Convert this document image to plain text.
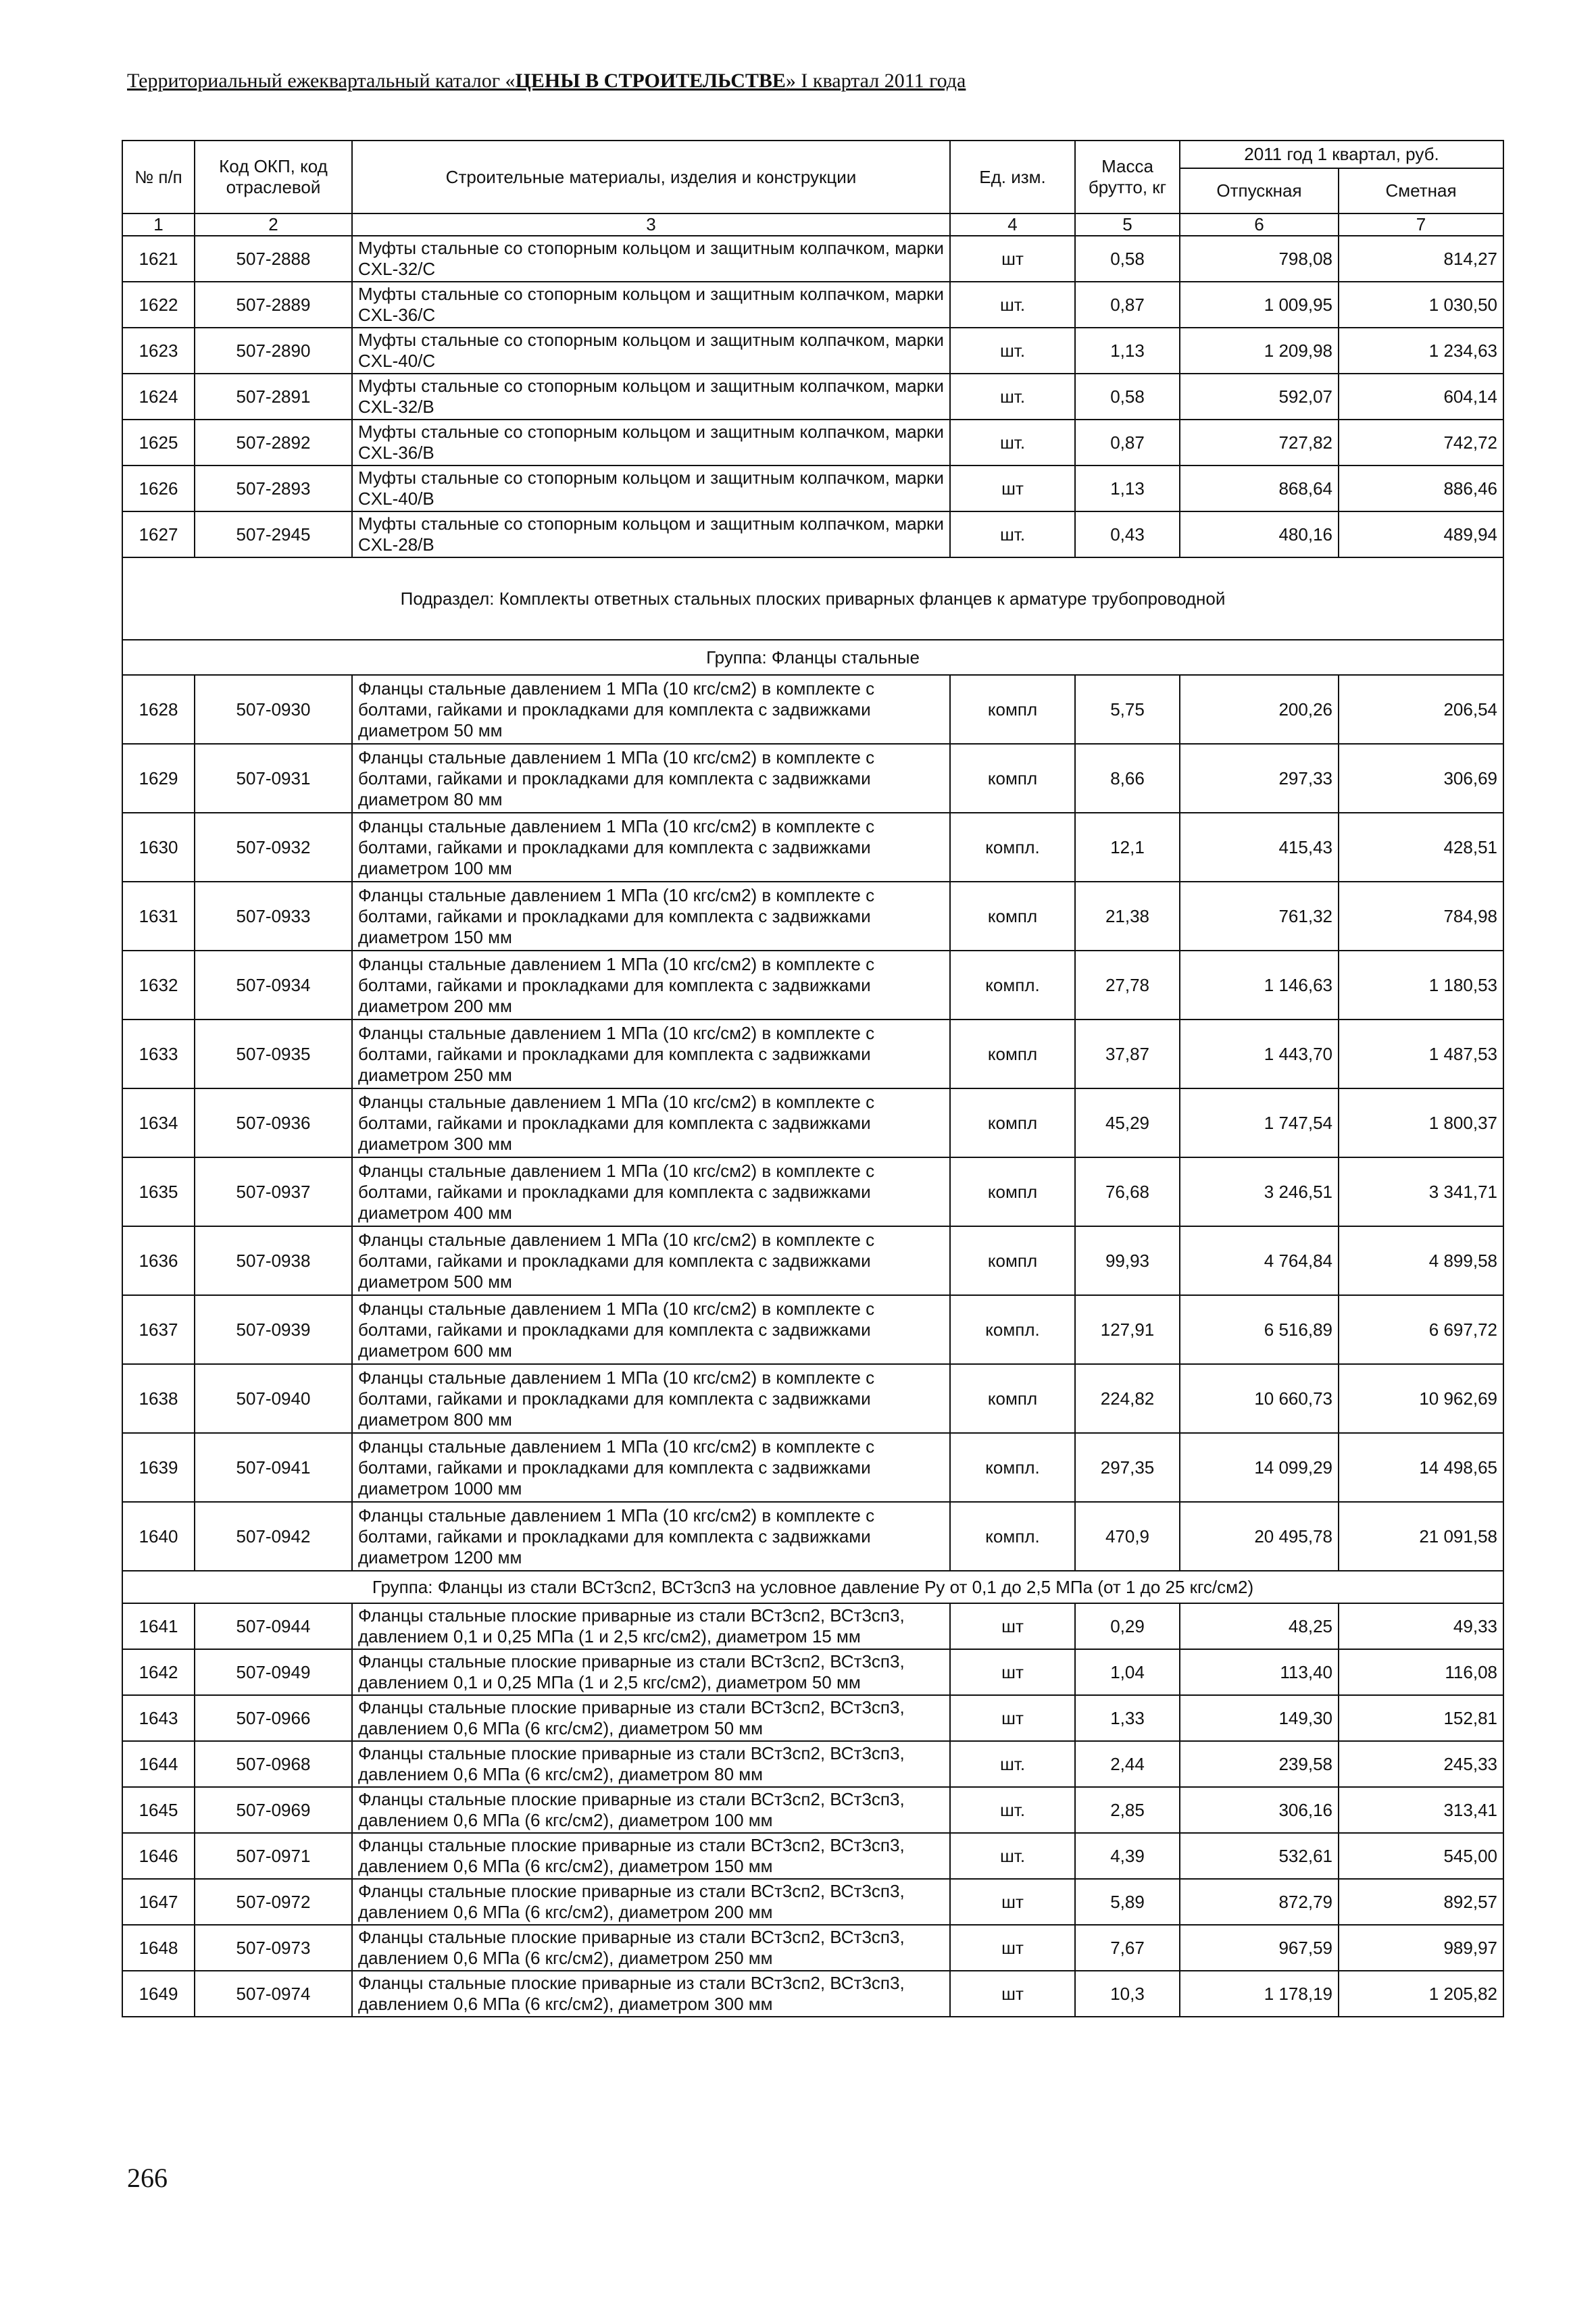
Территориальный ежеквартальный каталог «ЦЕНЫ В СТРОИТЕЛЬСТВЕ» I квартал 2011 года
№ п/п	Код ОКП, код отраслевой	Строительные материалы, изделия и конструкции	Ед. изм.	Масса брутто, кг	2011 год 1 квартал, руб.	
					Отпускная	Сметная
1	2	3	4	5	6	7
1621	507-2888	Муфты стальные со стопорным кольцом и защитным колпачком, марки CXL-32/C	шт	0,58	798,08	814,27
1622	507-2889	Муфты стальные со стопорным кольцом и защитным колпачком, марки CXL-36/C	шт.	0,87	1 009,95	1 030,50
1623	507-2890	Муфты стальные со стопорным кольцом и защитным колпачком, марки CXL-40/C	шт.	1,13	1 209,98	1 234,63
1624	507-2891	Муфты стальные со стопорным кольцом и защитным колпачком, марки CXL-32/B	шт.	0,58	592,07	604,14
1625	507-2892	Муфты стальные со стопорным кольцом и защитным колпачком, марки CXL-36/B	шт.	0,87	727,82	742,72
1626	507-2893	Муфты стальные со стопорным кольцом и защитным колпачком, марки CXL-40/B	шт	1,13	868,64	886,46
1627	507-2945	Муфты стальные со стопорным кольцом и защитным колпачком, марки CXL-28/B	шт.	0,43	480,16	489,94
Подраздел: Комплекты ответных стальных плоских приварных фланцев к арматуре трубопроводной						
Группа: Фланцы стальные						
1628	507-0930	Фланцы стальные давлением 1 МПа (10 кгс/см2) в комплекте с болтами, гайками и прокладками для комплекта с задвижками диаметром 50 мм	компл	5,75	200,26	206,54
1629	507-0931	Фланцы стальные давлением 1 МПа (10 кгс/см2) в комплекте с болтами, гайками и прокладками для комплекта с задвижками диаметром 80 мм	компл	8,66	297,33	306,69
1630	507-0932	Фланцы стальные давлением 1 МПа (10 кгс/см2) в комплекте с болтами, гайками и прокладками для комплекта с задвижками диаметром 100 мм	компл.	12,1	415,43	428,51
1631	507-0933	Фланцы стальные давлением 1 МПа (10 кгс/см2) в комплекте с болтами, гайками и прокладками для комплекта с задвижками диаметром 150 мм	компл	21,38	761,32	784,98
1632	507-0934	Фланцы стальные давлением 1 МПа (10 кгс/см2) в комплекте с болтами, гайками и прокладками для комплекта с задвижками диаметром 200 мм	компл.	27,78	1 146,63	1 180,53
1633	507-0935	Фланцы стальные давлением 1 МПа (10 кгс/см2) в комплекте с болтами, гайками и прокладками для комплекта с задвижками диаметром 250 мм	компл	37,87	1 443,70	1 487,53
1634	507-0936	Фланцы стальные давлением 1 МПа (10 кгс/см2) в комплекте с болтами, гайками и прокладками для комплекта с задвижками диаметром 300 мм	компл	45,29	1 747,54	1 800,37
1635	507-0937	Фланцы стальные давлением 1 МПа (10 кгс/см2) в комплекте с болтами, гайками и прокладками для комплекта с задвижками диаметром 400 мм	компл	76,68	3 246,51	3 341,71
1636	507-0938	Фланцы стальные давлением 1 МПа (10 кгс/см2) в комплекте с болтами, гайками и прокладками для комплекта с задвижками диаметром 500 мм	компл	99,93	4 764,84	4 899,58
1637	507-0939	Фланцы стальные давлением 1 МПа (10 кгс/см2) в комплекте с болтами, гайками и прокладками для комплекта с задвижками диаметром 600 мм	компл.	127,91	6 516,89	6 697,72
1638	507-0940	Фланцы стальные давлением 1 МПа (10 кгс/см2) в комплекте с болтами, гайками и прокладками для комплекта с задвижками диаметром 800 мм	компл	224,82	10 660,73	10 962,69
1639	507-0941	Фланцы стальные давлением 1 МПа (10 кгс/см2) в комплекте с болтами, гайками и прокладками для комплекта с задвижками диаметром 1000 мм	компл.	297,35	14 099,29	14 498,65
1640	507-0942	Фланцы стальные давлением 1 МПа (10 кгс/см2) в комплекте с болтами, гайками и прокладками для комплекта с задвижками диаметром 1200 мм	компл.	470,9	20 495,78	21 091,58
Группа: Фланцы из стали ВСт3сп2, ВСт3сп3 на условное давление Ру от 0,1 до 2,5 МПа (от 1 до 25 кгс/см2)						
1641	507-0944	Фланцы стальные плоские приварные из стали ВСт3сп2, ВСт3сп3, давлением 0,1 и 0,25 МПа (1 и 2,5 кгс/см2), диаметром 15 мм	шт	0,29	48,25	49,33
1642	507-0949	Фланцы стальные плоские приварные из стали ВСт3сп2, ВСт3сп3, давлением 0,1 и 0,25 МПа (1 и 2,5 кгс/см2), диаметром 50 мм	шт	1,04	113,40	116,08
1643	507-0966	Фланцы стальные плоские приварные из стали ВСт3сп2, ВСт3сп3, давлением 0,6 МПа (6 кгс/см2), диаметром 50 мм	шт	1,33	149,30	152,81
1644	507-0968	Фланцы стальные плоские приварные из стали ВСт3сп2, ВСт3сп3, давлением 0,6 МПа (6 кгс/см2), диаметром 80 мм	шт.	2,44	239,58	245,33
1645	507-0969	Фланцы стальные плоские приварные из стали ВСт3сп2, ВСт3сп3, давлением 0,6 МПа (6 кгс/см2), диаметром 100 мм	шт.	2,85	306,16	313,41
1646	507-0971	Фланцы стальные плоские приварные из стали ВСт3сп2, ВСт3сп3, давлением 0,6 МПа (6 кгс/см2), диаметром 150 мм	шт.	4,39	532,61	545,00
1647	507-0972	Фланцы стальные плоские приварные из стали ВСт3сп2, ВСт3сп3, давлением 0,6 МПа (6 кгс/см2), диаметром 200 мм	шт	5,89	872,79	892,57
1648	507-0973	Фланцы стальные плоские приварные из стали ВСт3сп2, ВСт3сп3, давлением 0,6 МПа (6 кгс/см2), диаметром 250 мм	шт	7,67	967,59	989,97
1649	507-0974	Фланцы стальные плоские приварные из стали ВСт3сп2, ВСт3сп3, давлением 0,6 МПа (6 кгс/см2), диаметром 300 мм	шт	10,3	1 178,19	1 205,82
266
